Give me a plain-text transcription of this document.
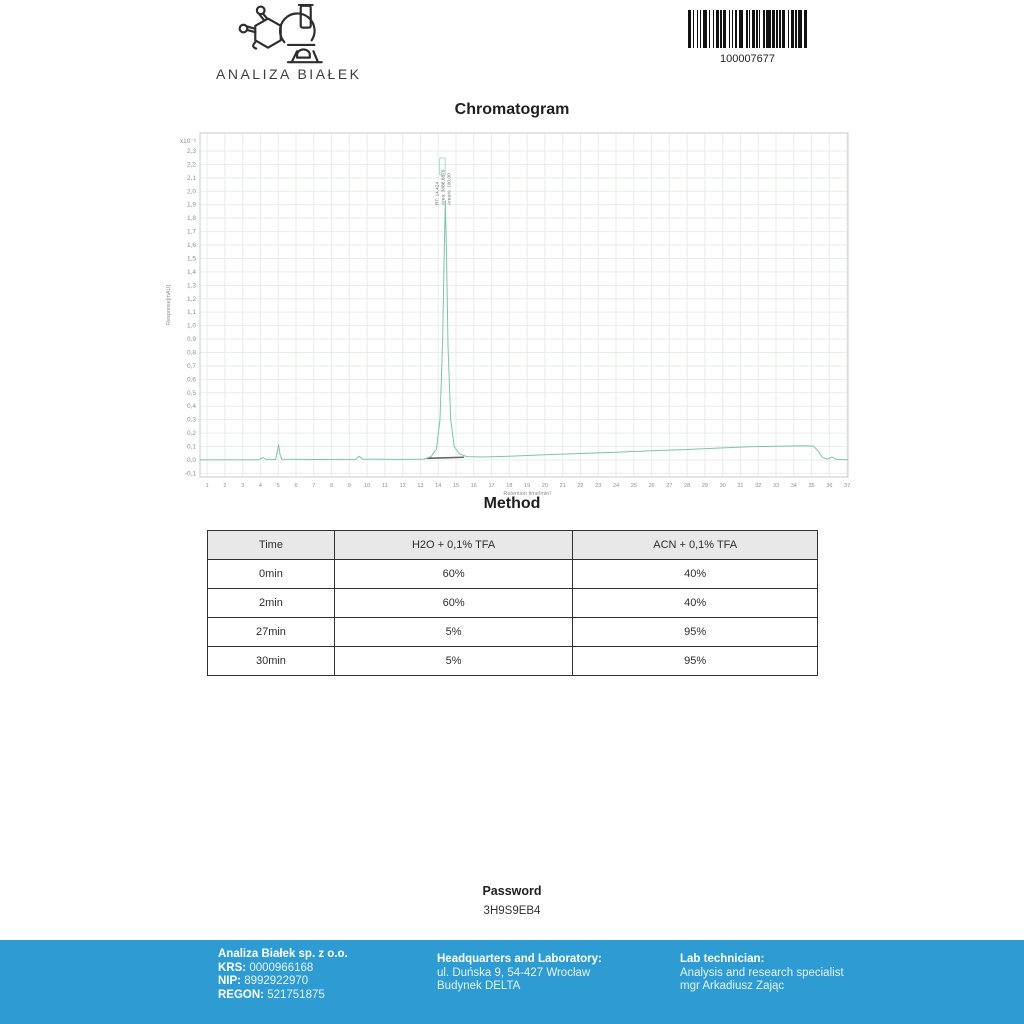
ANALIZA BIAŁEK
100007677
Chromatogram
-0,1
0,0
0,1
0,2
0,3
0,4
0,5
0,6
0,7
0,8
0,9
1,0
1,1
1,2
1,3
1,4
1,5
1,6
1,7
1,8
1,9
2,0
2,1
2,2
2,3
x10⁻²
1	2	3	4	5	6	7	8	9 10 11 12 13 14 15 16 17 18 19 20 21 22 23 24 25 26 27 28 29 30 31 32 33 34 35 36 37
Retention time[min]
Response[mAU]
RT: 14,424 Area: 3088,6876 Area%: 100,00
Method
Time	H2O + 0,1% TFA	ACN + 0,1% TFA
0min	60%	40%
2min	60%	40%
27min	5%	95%
30min	5%	95%
Password
3H9S9EB4
Analiza Białek sp. z o.o.
KRS: 0000966168
NIP: 8992922970
REGON: 521751875
Headquarters and Laboratory:
ul. Duńska 9, 54-427 Wrocław
Budynek DELTA
Lab technician:
Analysis and research specialist
mgr Arkadiusz Zając
